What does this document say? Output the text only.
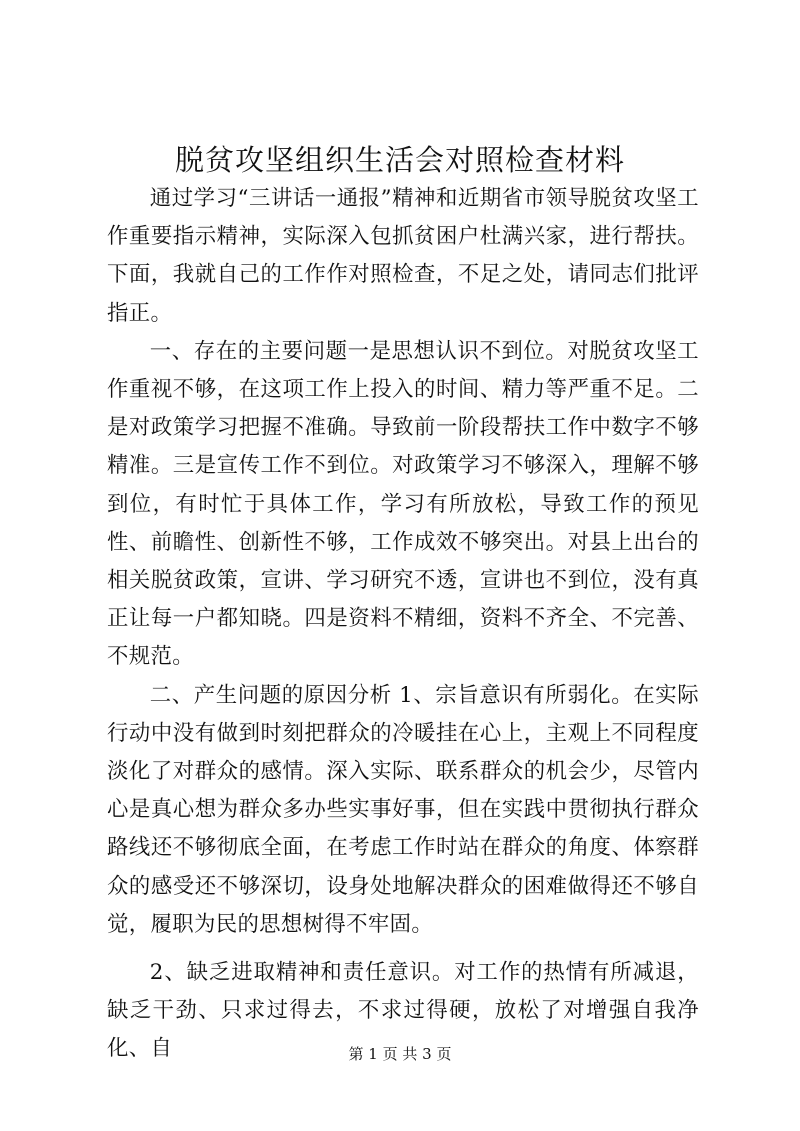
脱贫攻坚组织生活会对照检查材料

通过学习“三讲话一通报”精神和近期省市领导脱贫攻坚工作重要指示精神，实际深入包抓贫困户杜满兴家，进行帮扶。下面，我就自己的工作作对照检查，不足之处，请同志们批评指正。

一、存在的主要问题一是思想认识不到位。对脱贫攻坚工作重视不够，在这项工作上投入的时间、精力等严重不足。二是对政策学习把握不准确。导致前一阶段帮扶工作中数字不够精准。三是宣传工作不到位。对政策学习不够深入，理解不够到位，有时忙于具体工作，学习有所放松，导致工作的预见性、前瞻性、创新性不够，工作成效不够突出。对县上出台的相关脱贫政策，宣讲、学习研究不透，宣讲也不到位，没有真正让每一户都知晓。四是资料不精细，资料不齐全、不完善、不规范。

二、产生问题的原因分析 1、宗旨意识有所弱化。在实际行动中没有做到时刻把群众的冷暖挂在心上，主观上不同程度淡化了对群众的感情。深入实际、联系群众的机会少，尽管内心是真心想为群众多办些实事好事，但在实践中贯彻执行群众路线还不够彻底全面，在考虑工作时站在群众的角度、体察群众的感受还不够深切，设身处地解决群众的困难做得还不够自觉，履职为民的思想树得不牢固。

2、缺乏进取精神和责任意识。对工作的热情有所减退，缺乏干劲、只求过得去，不求过得硬，放松了对增强自我净化、自	第 1 页 共 3 页
